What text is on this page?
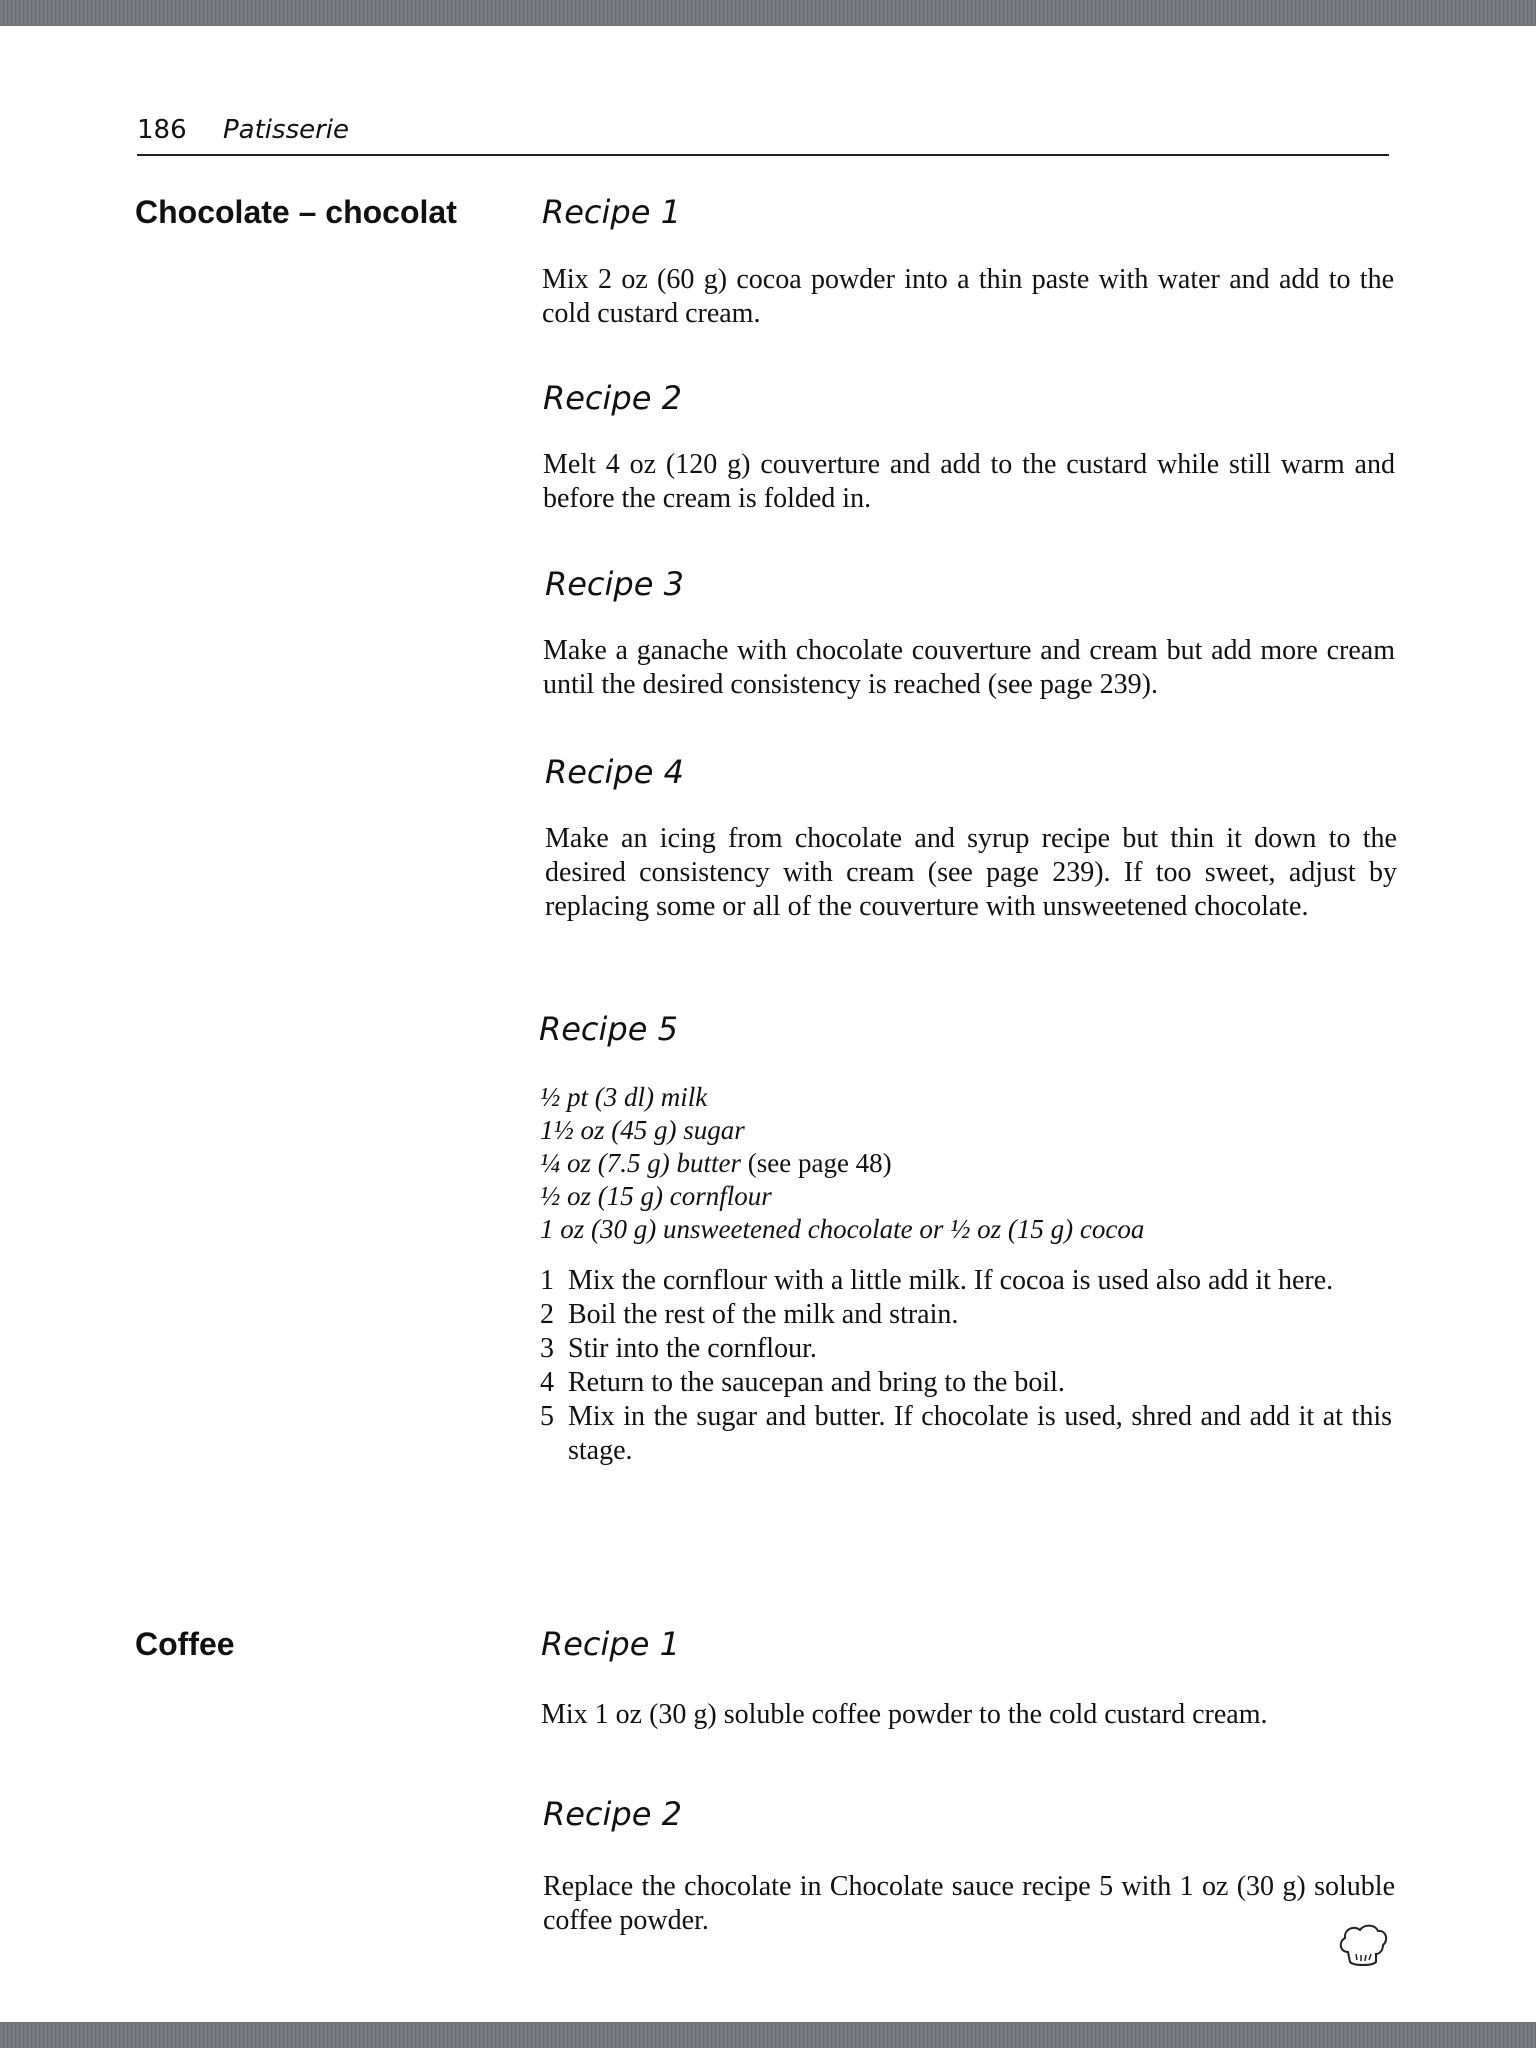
186 Patisserie
Chocolate – chocolat	Recipe 1
Mix 2 oz (60 g) cocoa powder into a thin paste with water and add to the cold custard cream.
Recipe 2
Melt 4 oz (120 g) couverture and add to the custard while still warm and before the cream is folded in.
Recipe 3
Make a ganache with chocolate couverture and cream but add more cream until the desired consistency is reached (see page 239).
Recipe 4
Make an icing from chocolate and syrup recipe but thin it down to the desired consistency with cream (see page 239). If too sweet, adjust by replacing some or all of the couverture with unsweetened chocolate.
Recipe 5
½ pt (3 dl) milk
1½ oz (45 g) sugar
¼ oz (7.5 g) butter (see page 48)
½ oz (15 g) cornflour
1 oz (30 g) unsweetened chocolate or ½ oz (15 g) cocoa
1 Mix the cornflour with a little milk. If cocoa is used also add it here.
2 Boil the rest of the milk and strain.
3 Stir into the cornflour.
4 Return to the saucepan and bring to the boil.
5 Mix in the sugar and butter. If chocolate is used, shred and add it at this stage.
Coffee	Recipe 1
Mix 1 oz (30 g) soluble coffee powder to the cold custard cream.
Recipe 2
Replace the chocolate in Chocolate sauce recipe 5 with 1 oz (30 g) soluble coffee powder.
